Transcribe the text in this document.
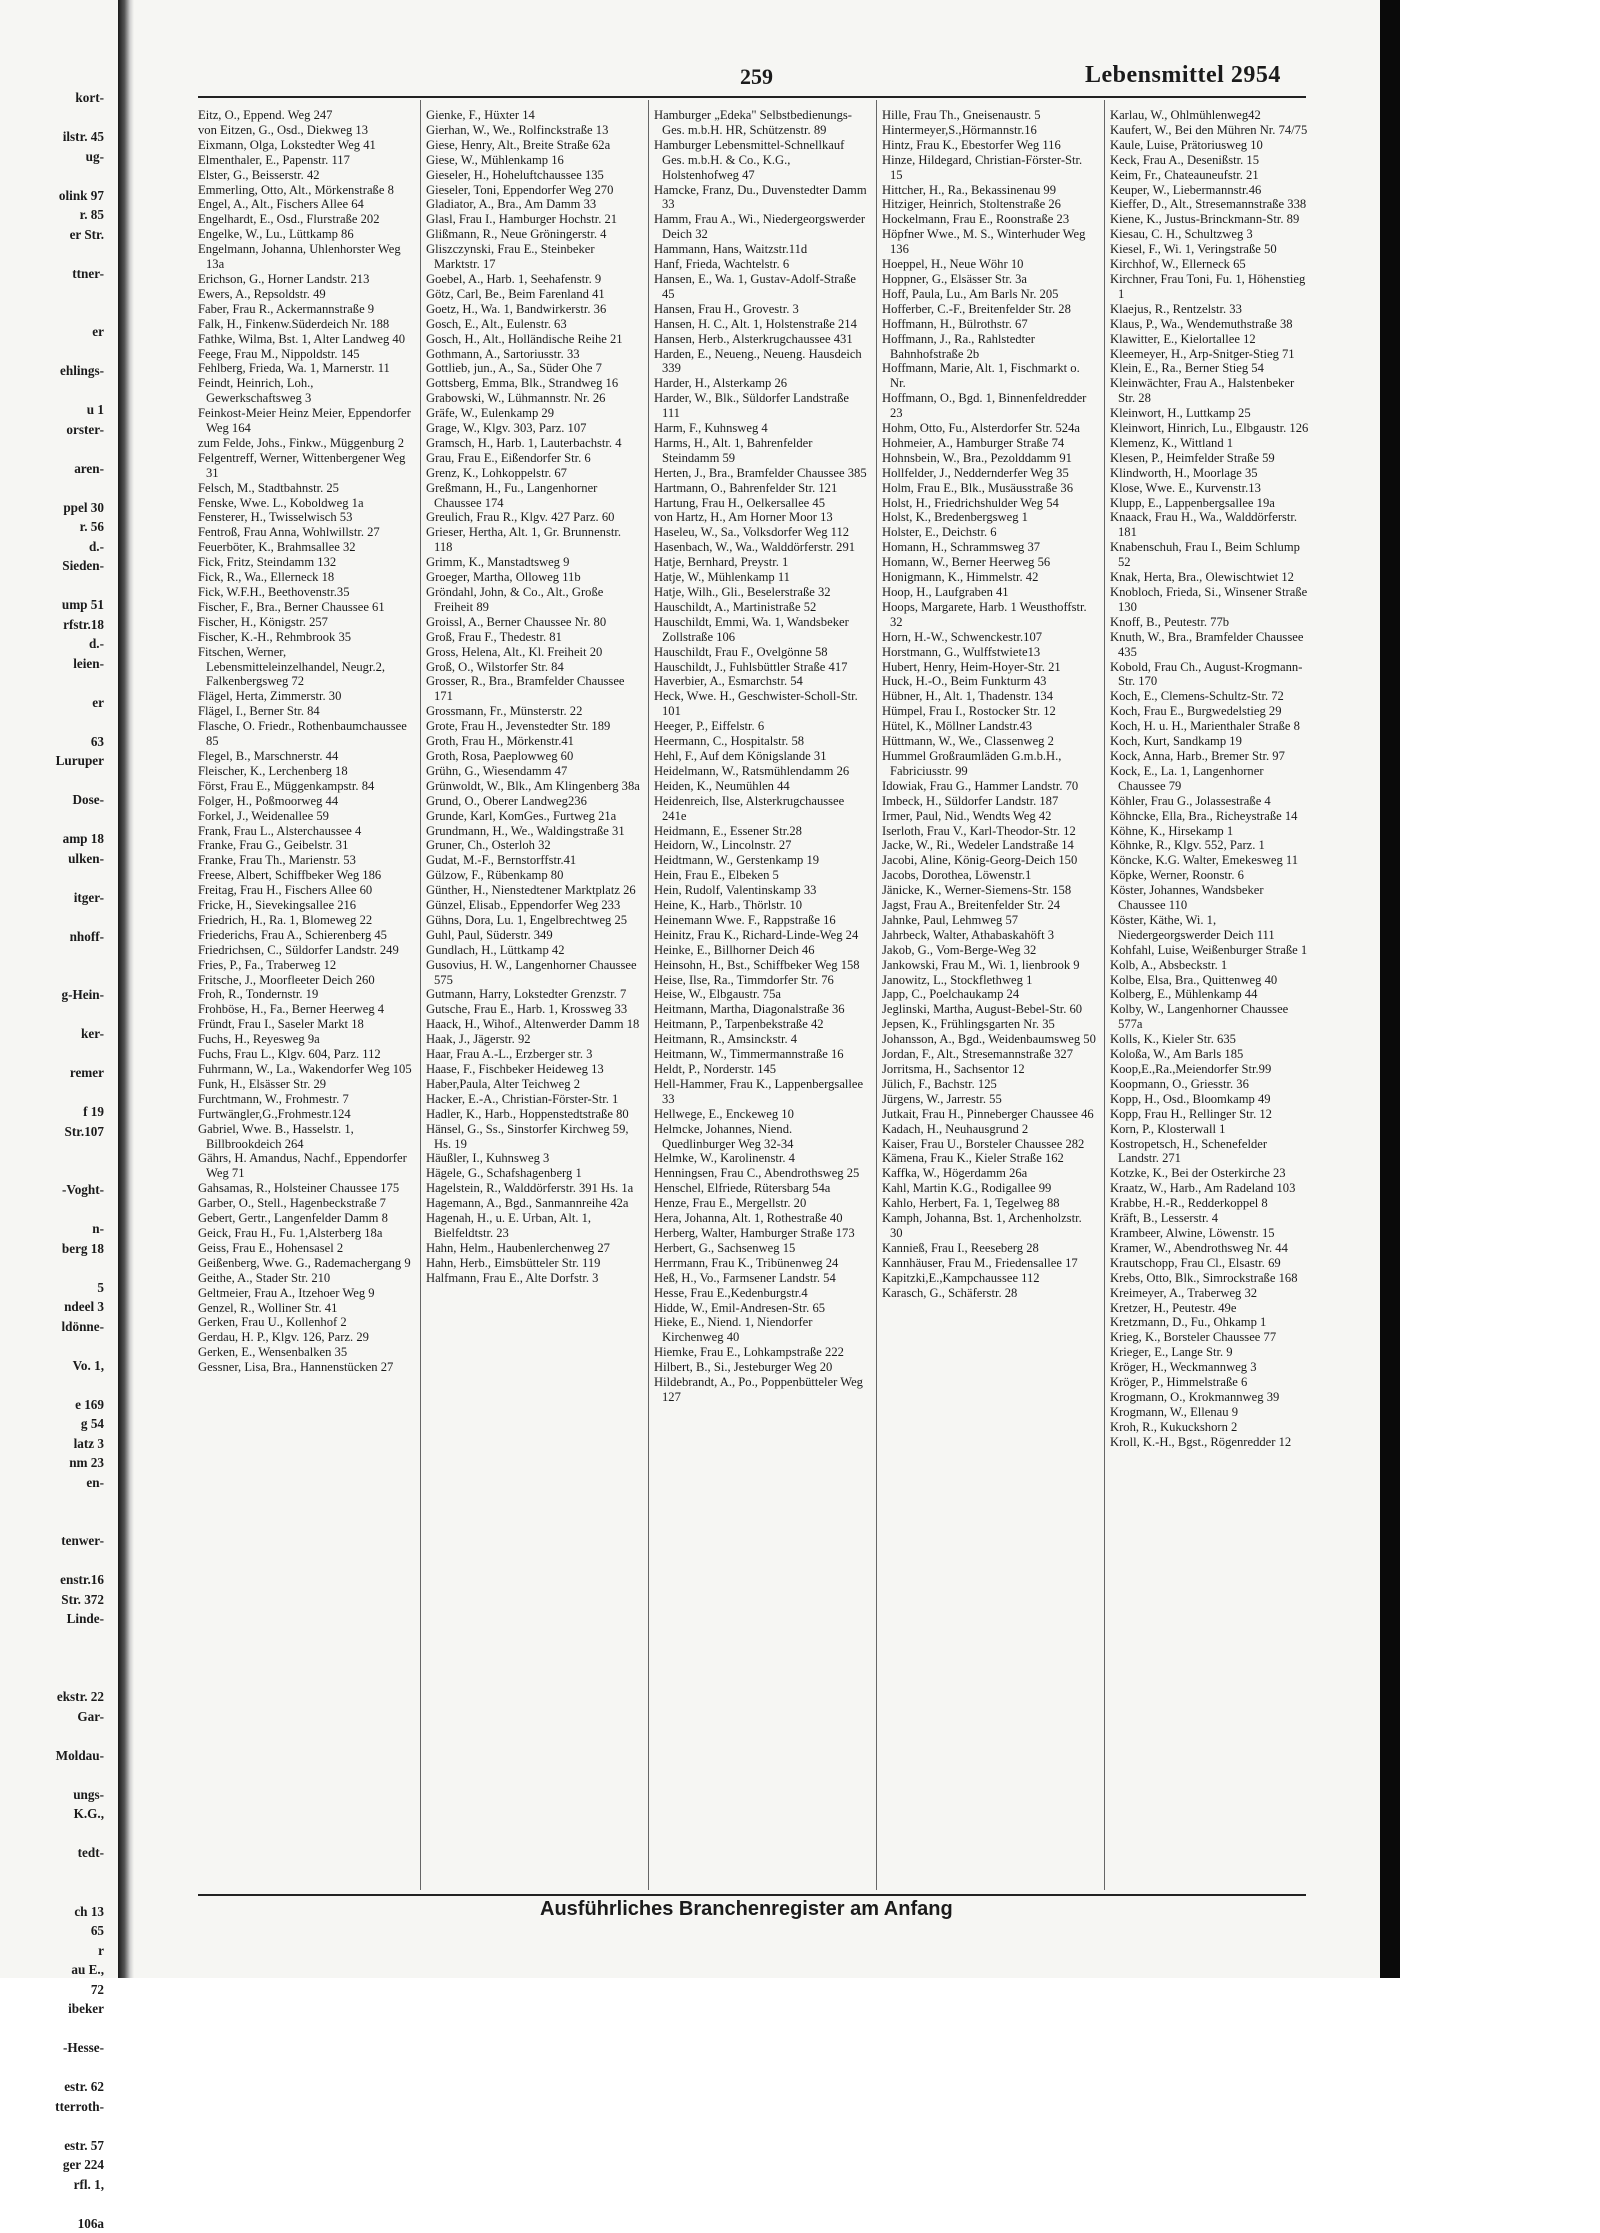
kort-

ilstr. 45
ug-

olink 97
r. 85
er Str.

ttner-

er

ehlings-

u 1
orster-

aren-

ppel 30
r. 56
d.-
Sieden-

ump 51
rfstr.18
d.-
leien-

er

63
Luruper

Dose-

amp 18
ulken-

itger-

nhoff-

g-Hein-

ker-

remer

f 19
Str.107

-Voght-

n-
berg 18

5
ndeel 3
ldönne-

Vo. 1,

e 169
g 54
latz 3
nm 23
en-

tenwer-

enstr.16
Str. 372
Linde-

ekstr. 22
Gar-

Moldau-

ungs-
K.G.,

tedt-

ch 13
65
r
au E.,
72
ibeker

-Hesse-

estr. 62
tterroth-

estr. 57
ger 224
rfl. 1,

106a
259	Lebensmittel 2954
Eitz, O., Eppend. Weg 247
von Eitzen, G., Osd., Diekweg 13
Eixmann, Olga, Lokstedter Weg 41
Elmenthaler, E., Papenstr. 117
Elster, G., Beisserstr. 42
Emmerling, Otto, Alt., Mörkenstraße 8
Engel, A., Alt., Fischers Allee 64
Engelhardt, E., Osd., Flurstraße 202
Engelke, W., Lu., Lüttkamp 86
Engelmann, Johanna, Uhlenhorster Weg 13a
Erichson, G., Horner Landstr. 213
Ewers, A., Repsoldstr. 49
Faber, Frau R., Ackermannstraße 9
Falk, H., Finkenw.Süderdeich Nr. 188
Fathke, Wilma, Bst. 1, Alter Landweg 40
Feege, Frau M., Nippoldstr. 145
Fehlberg, Frieda, Wa. 1, Marnerstr. 11
Feindt, Heinrich, Loh., Gewerkschaftsweg 3
Feinkost-Meier Heinz Meier, Eppendorfer Weg 164
zum Felde, Johs., Finkw., Müggenburg 2
Felgentreff, Werner, Wittenbergener Weg 31
Felsch, M., Stadtbahnstr. 25
Fenske, Wwe. L., Koboldweg 1a
Fensterer, H., Twisselwisch 53
Fentroß, Frau Anna, Wohlwillstr. 27
Feuerböter, K., Brahmsallee 32
Fick, Fritz, Steindamm 132
Fick, R., Wa., Ellerneck 18
Fick, W.F.H., Beethovenstr.35
Fischer, F., Bra., Berner Chaussee 61
Fischer, H., Königstr. 257
Fischer, K.-H., Rehmbrook 35
Fitschen, Werner, Lebensmitteleinzelhandel, Neugr.2, Falkenbergsweg 72
Flägel, Herta, Zimmerstr. 30
Flägel, I., Berner Str. 84
Flasche, O. Friedr., Rothenbaumchaussee 85
Flegel, B., Marschnerstr. 44
Fleischer, K., Lerchenberg 18
Först, Frau E., Müggenkampstr. 84
Folger, H., Poßmoorweg 44
Forkel, J., Weidenallee 59
Frank, Frau L., Alsterchaussee 4
Franke, Frau G., Geibelstr. 31
Franke, Frau Th., Marienstr. 53
Freese, Albert, Schiffbeker Weg 186
Freitag, Frau H., Fischers Allee 60
Fricke, H., Sievekingsallee 216
Friedrich, H., Ra. 1, Blomeweg 22
Friederichs, Frau A., Schierenberg 45
Friedrichsen, C., Süldorfer Landstr. 249
Fries, P., Fa., Traberweg 12
Fritsche, J., Moorfleeter Deich 260
Froh, R., Tondernstr. 19
Frohböse, H., Fa., Berner Heerweg 4
Fründt, Frau I., Saseler Markt 18
Fuchs, H., Reyesweg 9a
Fuchs, Frau L., Klgv. 604, Parz. 112
Fuhrmann, W., La., Wakendorfer Weg 105
Funk, H., Elsässer Str. 29
Furchtmann, W., Frohmestr. 7
Furtwängler,G.,Frohmestr.124
Gabriel, Wwe. B., Hasselstr. 1, Billbrookdeich 264
Gährs, H. Amandus, Nachf., Eppendorfer Weg 71
Gahsamas, R., Holsteiner Chaussee 175
Garber, O., Stell., Hagenbeckstraße 7
Gebert, Gertr., Langenfelder Damm 8
Geick, Frau H., Fu. 1,Alsterberg 18a
Geiss, Frau E., Hohensasel 2
Geißenberg, Wwe. G., Rademachergang 9
Geithe, A., Stader Str. 210
Geltmeier, Frau A., Itzehoer Weg 9
Genzel, R., Wolliner Str. 41
Gerken, Frau U., Kollenhof 2
Gerdau, H. P., Klgv. 126, Parz. 29
Gerken, E., Wensenbalken 35
Gessner, Lisa, Bra., Hannenstücken 27
Gienke, F., Hüxter 14
Gierhan, W., We., Rolfinckstraße 13
Giese, Henry, Alt., Breite Straße 62a
Giese, W., Mühlenkamp 16
Gieseler, H., Hoheluftchaussee 135
Gieseler, Toni, Eppendorfer Weg 270
Gladiator, A., Bra., Am Damm 33
Glasl, Frau I., Hamburger Hochstr. 21
Glißmann, R., Neue Gröningerstr. 4
Gliszczynski, Frau E., Steinbeker Marktstr. 17
Goebel, A., Harb. 1, Seehafenstr. 9
Götz, Carl, Be., Beim Farenland 41
Goetz, H., Wa. 1, Bandwirkerstr. 36
Gosch, E., Alt., Eulenstr. 63
Gosch, H., Alt., Holländische Reihe 21
Gothmann, A., Sartoriusstr. 33
Gottlieb, jun., A., Sa., Süder Ohe 7
Gottsberg, Emma, Blk., Strandweg 16
Grabowski, W., Lühmannstr. Nr. 26
Gräfe, W., Eulenkamp 29
Grage, W., Klgv. 303, Parz. 107
Gramsch, H., Harb. 1, Lauterbachstr. 4
Grau, Frau E., Eißendorfer Str. 6
Grenz, K., Lohkoppelstr. 67
Greßmann, H., Fu., Langenhorner Chaussee 174
Greulich, Frau R., Klgv. 427 Parz. 60
Grieser, Hertha, Alt. 1, Gr. Brunnenstr. 118
Grimm, K., Manstadtsweg 9
Groeger, Martha, Olloweg 11b
Gröndahl, John, & Co., Alt., Große Freiheit 89
Groissl, A., Berner Chaussee Nr. 80
Groß, Frau F., Thedestr. 81
Gross, Helena, Alt., Kl. Freiheit 20
Groß, O., Wilstorfer Str. 84
Grosser, R., Bra., Bramfelder Chaussee 171
Grossmann, Fr., Münsterstr. 22
Grote, Frau H., Jevenstedter Str. 189
Groth, Frau H., Mörkenstr.41
Groth, Rosa, Paeplowweg 60
Grühn, G., Wiesendamm 47
Grünwoldt, W., Blk., Am Klingenberg 38a
Grund, O., Oberer Landweg236
Grunde, Karl, KomGes., Furtweg 21a
Grundmann, H., We., Waldingstraße 31
Gruner, Ch., Osterloh 32
Gudat, M.-F., Bernstorffstr.41
Gülzow, F., Rübenkamp 80
Günther, H., Nienstedtener Marktplatz 26
Günzel, Elisab., Eppendorfer Weg 233
Gühns, Dora, Lu. 1, Engelbrechtweg 25
Guhl, Paul, Süderstr. 349
Gundlach, H., Lüttkamp 42
Gusovius, H. W., Langenhorner Chaussee 575
Gutmann, Harry, Lokstedter Grenzstr. 7
Gutsche, Frau E., Harb. 1, Krossweg 33
Haack, H., Wihof., Altenwerder Damm 18
Haak, J., Jägerstr. 92
Haar, Frau A.-L., Erzberger str. 3
Haase, F., Fischbeker Heideweg 13
Haber,Paula, Alter Teichweg 2
Hacker, E.-A., Christian-Förster-Str. 1
Hadler, K., Harb., Hoppenstedtstraße 80
Hänsel, G., Ss., Sinstorfer Kirchweg 59, Hs. 19
Häußler, I., Kuhnsweg 3
Hägele, G., Schafshagenberg 1
Hagelstein, R., Walddörferstr. 391 Hs. 1a
Hagemann, A., Bgd., Sanmannreihe 42a
Hagenah, H., u. E. Urban, Alt. 1, Bielfeldtstr. 23
Hahn, Helm., Haubenlerchenweg 27
Hahn, Herb., Eimsbütteler Str. 119
Halfmann, Frau E., Alte Dorfstr. 3
Hamburger „Edeka" Selbstbedienungs-Ges. m.b.H. HR, Schützenstr. 89
Hamburger Lebensmittel-Schnellkauf Ges. m.b.H. & Co., K.G., Holstenhofweg 47
Hamcke, Franz, Du., Duvenstedter Damm 33
Hamm, Frau A., Wi., Niedergeorgswerder Deich 32
Hammann, Hans, Waitzstr.11d
Hanf, Frieda, Wachtelstr. 6
Hansen, E., Wa. 1, Gustav-Adolf-Straße 45
Hansen, Frau H., Grovestr. 3
Hansen, H. C., Alt. 1, Holstenstraße 214
Hansen, Herb., Alsterkrugchaussee 431
Harden, E., Neueng., Neueng. Hausdeich 339
Harder, H., Alsterkamp 26
Harder, W., Blk., Süldorfer Landstraße 111
Harm, F., Kuhnsweg 4
Harms, H., Alt. 1, Bahrenfelder Steindamm 59
Herten, J., Bra., Bramfelder Chaussee 385
Hartmann, O., Bahrenfelder Str. 121
Hartung, Frau H., Oelkersallee 45
von Hartz, H., Am Horner Moor 13
Haseleu, W., Sa., Volksdorfer Weg 112
Hasenbach, W., Wa., Walddörferstr. 291
Hatje, Bernhard, Preystr. 1
Hatje, W., Mühlenkamp 11
Hatje, Wilh., Gli., Beselerstraße 32
Hauschildt, A., Martinistraße 52
Hauschildt, Emmi, Wa. 1, Wandsbeker Zollstraße 106
Hauschildt, Frau F., Ovelgönne 58
Hauschildt, J., Fuhlsbüttler Straße 417
Haverbier, A., Esmarchstr. 54
Heck, Wwe. H., Geschwister-Scholl-Str. 101
Heeger, P., Eiffelstr. 6
Heermann, C., Hospitalstr. 58
Hehl, F., Auf dem Königslande 31
Heidelmann, W., Ratsmühlendamm 26
Heiden, K., Neumühlen 44
Heidenreich, Ilse, Alsterkrugchaussee 241e
Heidmann, E., Essener Str.28
Heidorn, W., Lincolnstr. 27
Heidtmann, W., Gerstenkamp 19
Hein, Frau E., Elbeken 5
Hein, Rudolf, Valentinskamp 33
Heine, K., Harb., Thörlstr. 10
Heinemann Wwe. F., Rappstraße 16
Heinitz, Frau K., Richard-Linde-Weg 24
Heinke, E., Billhorner Deich 46
Heinsohn, H., Bst., Schiffbeker Weg 158
Heise, Ilse, Ra., Timmdorfer Str. 76
Heise, W., Elbgaustr. 75a
Heitmann, Martha, Diagonalstraße 36
Heitmann, P., Tarpenbekstraße 42
Heitmann, R., Amsinckstr. 4
Heitmann, W., Timmermannstraße 16
Heldt, P., Norderstr. 145
Hell-Hammer, Frau K., Lappenbergsallee 33
Hellwege, E., Enckeweg 10
Helmcke, Johannes, Niend. Quedlinburger Weg 32-34
Helmke, W., Karolinenstr. 4
Henningsen, Frau C., Abendrothsweg 25
Henschel, Elfriede, Rütersbarg 54a
Henze, Frau E., Mergellstr. 20
Hera, Johanna, Alt. 1, Rothestraße 40
Herberg, Walter, Hamburger Straße 173
Herbert, G., Sachsenweg 15
Herrmann, Frau K., Tribünenweg 24
Heß, H., Vo., Farmsener Landstr. 54
Hesse, Frau E.,Kedenburgstr.4
Hidde, W., Emil-Andresen-Str. 65
Hieke, E., Niend. 1, Niendorfer Kirchenweg 40
Hiemke, Frau E., Lohkampstraße 222
Hilbert, B., Si., Jesteburger Weg 20
Hildebrandt, A., Po., Poppenbütteler Weg 127
Hille, Frau Th., Gneisenaustr. 5
Hintermeyer,S.,Hörmannstr.16
Hintz, Frau K., Ebestorfer Weg 116
Hinze, Hildegard, Christian-Förster-Str. 15
Hittcher, H., Ra., Bekassinenau 99
Hitziger, Heinrich, Stoltenstraße 26
Hockelmann, Frau E., Roonstraße 23
Höpfner Wwe., M. S., Winterhuder Weg 136
Hoeppel, H., Neue Wöhr 10
Hoppner, G., Elsässer Str. 3a
Hoff, Paula, Lu., Am Barls Nr. 205
Hofferber, C.-F., Breitenfelder Str. 28
Hoffmann, H., Bülrothstr. 67
Hoffmann, J., Ra., Rahlstedter Bahnhofstraße 2b
Hoffmann, Marie, Alt. 1, Fischmarkt o. Nr.
Hoffmann, O., Bgd. 1, Binnenfeldredder 23
Hohm, Otto, Fu., Alsterdorfer Str. 524a
Hohmeier, A., Hamburger Straße 74
Hohnsbein, W., Bra., Pezolddamm 91
Hollfelder, J., Neddernderfer Weg 35
Holm, Frau E., Blk., Musäusstraße 36
Holst, H., Friedrichshulder Weg 54
Holst, K., Bredenbergsweg 1
Holster, E., Deichstr. 6
Homann, H., Schrammsweg 37
Homann, W., Berner Heerweg 56
Honigmann, K., Himmelstr. 42
Hoop, H., Laufgraben 41
Hoops, Margarete, Harb. 1 Weusthoffstr. 32
Horn, H.-W., Schwenckestr.107
Horstmann, G., Wulffstwiete13
Hubert, Henry, Heim-Hoyer-Str. 21
Huck, H.-O., Beim Funkturm 43
Hübner, H., Alt. 1, Thadenstr. 134
Hümpel, Frau I., Rostocker Str. 12
Hütel, K., Möllner Landstr.43
Hüttmann, W., We., Classenweg 2
Hummel Großraumläden G.m.b.H., Fabriciusstr. 99
Idowiak, Frau G., Hammer Landstr. 70
Imbeck, H., Süldorfer Landstr. 187
Irmer, Paul, Nid., Wendts Weg 42
Iserloth, Frau V., Karl-Theodor-Str. 12
Jacke, W., Ri., Wedeler Landstraße 14
Jacobi, Aline, König-Georg-Deich 150
Jacobs, Dorothea, Löwenstr.1
Jänicke, K., Werner-Siemens-Str. 158
Jagst, Frau A., Breitenfelder Str. 24
Jahnke, Paul, Lehmweg 57
Jahrbeck, Walter, Athabaskahöft 3
Jakob, G., Vom-Berge-Weg 32
Jankowski, Frau M., Wi. 1, lienbrook 9
Janowitz, L., Stockflethweg 1
Japp, C., Poelchaukamp 24
Jeglinski, Martha, August-Bebel-Str. 60
Jepsen, K., Frühlingsgarten Nr. 35
Johansson, A., Bgd., Weidenbaumsweg 50
Jordan, F., Alt., Stresemannstraße 327
Jorritsma, H., Sachsentor 12
Jülich, F., Bachstr. 125
Jürgens, W., Jarrestr. 55
Jutkait, Frau H., Pinneberger Chaussee 46
Kadach, H., Neuhausgrund 2
Kaiser, Frau U., Borsteler Chaussee 282
Kämena, Frau K., Kieler Straße 162
Kaffka, W., Högerdamm 26a
Kahl, Martin K.G., Rodigallee 99
Kahlo, Herbert, Fa. 1, Tegelweg 88
Kamph, Johanna, Bst. 1, Archenholzstr. 30
Kannieß, Frau I., Reeseberg 28
Kannhäuser, Frau M., Friedensallee 17
Kapitzki,E.,Kampchaussee 112
Karasch, G., Schäferstr. 28
Karlau, W., Ohlmühlenweg42
Kaufert, W., Bei den Mühren Nr. 74/75
Kaule, Luise, Prätoriusweg 10
Keck, Frau A., Desenißstr. 15
Keim, Fr., Chateauneufstr. 21
Keuper, W., Liebermannstr.46
Kieffer, D., Alt., Stresemannstraße 338
Kiene, K., Justus-Brinckmann-Str. 89
Kiesau, C. H., Schultzweg 3
Kiesel, F., Wi. 1, Veringstraße 50
Kirchhof, W., Ellerneck 65
Kirchner, Frau Toni, Fu. 1, Höhenstieg 1
Klaejus, R., Rentzelstr. 33
Klaus, P., Wa., Wendemuthstraße 38
Klawitter, E., Kielortallee 12
Kleemeyer, H., Arp-Snitger-Stieg 71
Klein, E., Ra., Berner Stieg 54
Kleinwächter, Frau A., Halstenbeker Str. 28
Kleinwort, H., Luttkamp 25
Kleinwort, Hinrich, Lu., Elbgaustr. 126
Klemenz, K., Wittland 1
Klesen, P., Heimfelder Straße 59
Klindworth, H., Moorlage 35
Klose, Wwe. E., Kurvenstr.13
Klupp, E., Lappenbergsallee 19a
Knaack, Frau H., Wa., Walddörferstr. 181
Knabenschuh, Frau I., Beim Schlump 52
Knak, Herta, Bra., Olewischtwiet 12
Knobloch, Frieda, Si., Winsener Straße 130
Knoff, B., Peutestr. 77b
Knuth, W., Bra., Bramfelder Chaussee 435
Kobold, Frau Ch., August-Krogmann-Str. 170
Koch, E., Clemens-Schultz-Str. 72
Koch, Frau E., Burgwedelstieg 29
Koch, H. u. H., Marienthaler Straße 8
Koch, Kurt, Sandkamp 19
Kock, Anna, Harb., Bremer Str. 97
Kock, E., La. 1, Langenhorner Chaussee 79
Köhler, Frau G., Jolassestraße 4
Köhncke, Ella, Bra., Richeystraße 14
Köhne, K., Hirsekamp 1
Köhnke, R., Klgv. 552, Parz. 1
Köncke, K.G. Walter, Emekesweg 11
Köpke, Werner, Roonstr. 6
Köster, Johannes, Wandsbeker Chaussee 110
Köster, Käthe, Wi. 1, Niedergeorgswerder Deich 111
Kohfahl, Luise, Weißenburger Straße 1
Kolb, A., Absbeckstr. 1
Kolbe, Elsa, Bra., Quittenweg 40
Kolberg, E., Mühlenkamp 44
Kolby, W., Langenhorner Chaussee 577a
Kolls, K., Kieler Str. 635
Koloßa, W., Am Barls 185
Koop,E.,Ra.,Meiendorfer Str.99
Koopmann, O., Griesstr. 36
Kopp, H., Osd., Bloomkamp 49
Kopp, Frau H., Rellinger Str. 12
Korn, P., Klosterwall 1
Kostropetsch, H., Schenefelder Landstr. 271
Kotzke, K., Bei der Osterkirche 23
Kraatz, W., Harb., Am Radeland 103
Krabbe, H.-R., Redderkoppel 8
Kräft, B., Lesserstr. 4
Krambeer, Alwine, Löwenstr. 15
Kramer, W., Abendrothsweg Nr. 44
Krautschopp, Frau Cl., Elsastr. 69
Krebs, Otto, Blk., Simrockstraße 168
Kreimeyer, A., Traberweg 32
Kretzer, H., Peutestr. 49e
Kretzmann, D., Fu., Ohkamp 1
Krieg, K., Borsteler Chaussee 77
Krieger, E., Lange Str. 9
Kröger, H., Weckmannweg 3
Kröger, P., Himmelstraße 6
Krogmann, O., Krokmannweg 39
Krogmann, W., Ellenau 9
Kroh, R., Kukuckshorn 2
Kroll, K.-H., Bgst., Rögenredder 12
Ausführliches Branchenregister am Anfang
